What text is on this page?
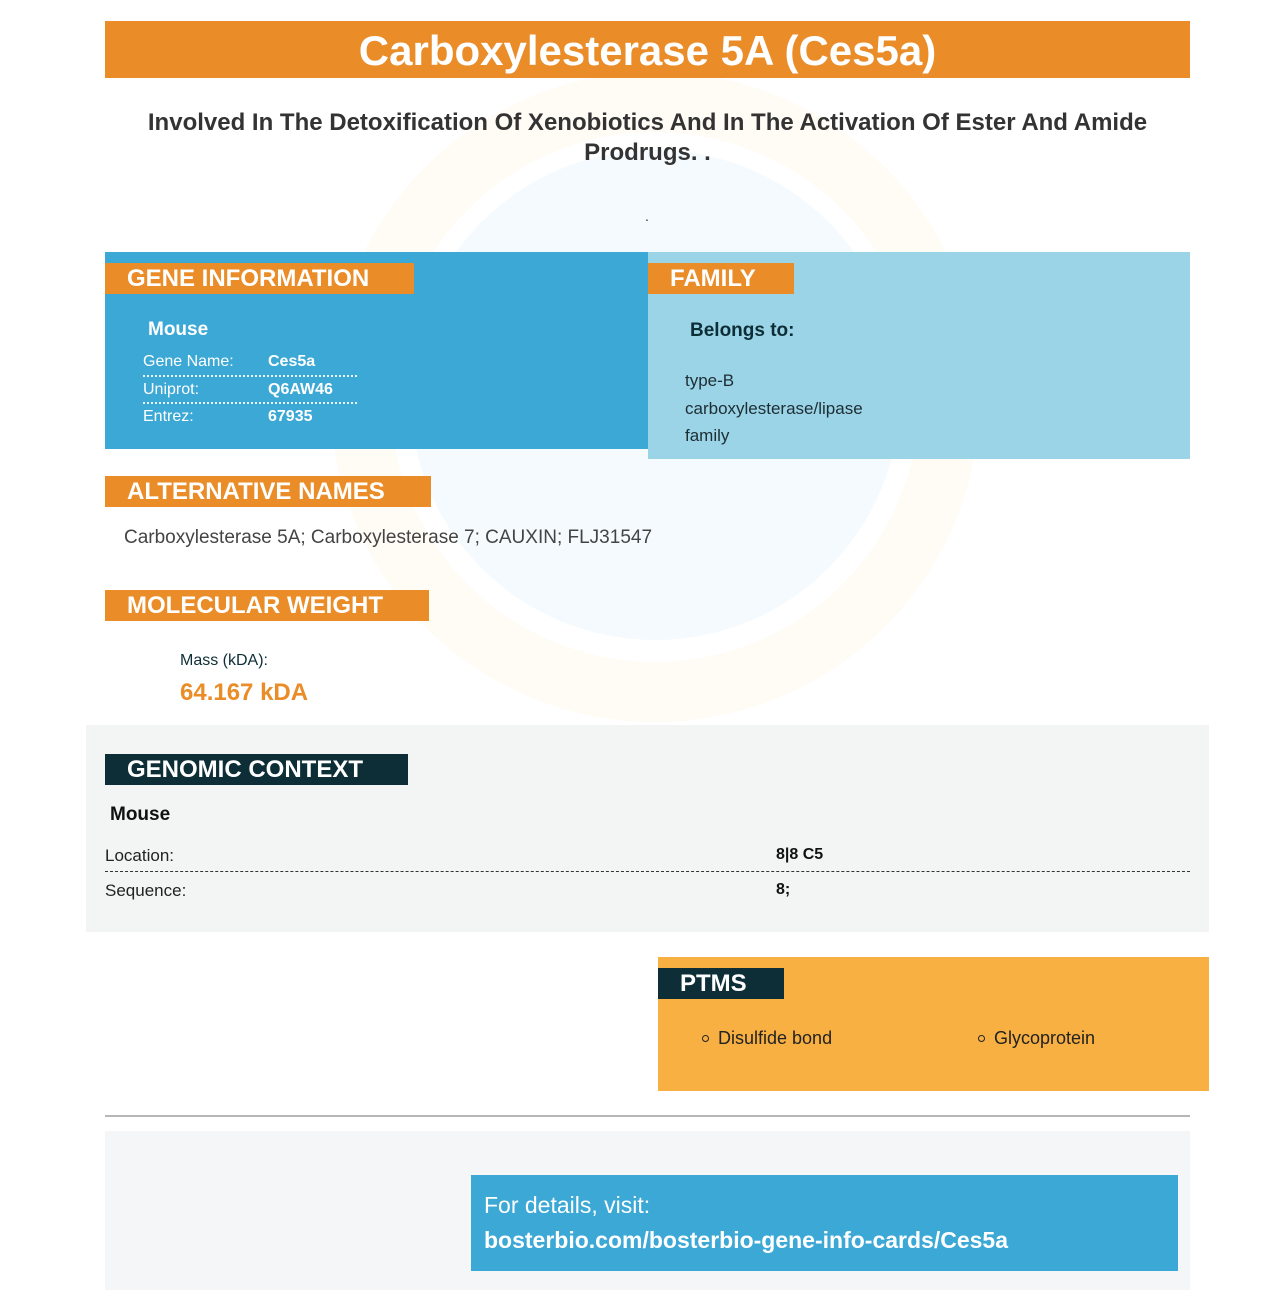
Carboxylesterase 5A (Ces5a)
Involved In The Detoxification Of Xenobiotics And In The Activation Of Ester And Amide Prodrugs. .
.
GENE INFORMATION
Mouse
Gene Name:	Ces5a
Uniprot:	Q6AW46
Entrez:	67935
FAMILY
Belongs to:
type-B carboxylesterase/lipase family
ALTERNATIVE NAMES
Carboxylesterase 5A; Carboxylesterase 7; CAUXIN; FLJ31547
MOLECULAR WEIGHT
Mass (kDA):
64.167 kDA
GENOMIC CONTEXT
Mouse
Location:	8|8 C5
Sequence:	8;
PTMS
Disulfide bond	Glycoprotein
For details, visit:
bosterbio.com/bosterbio-gene-info-cards/Ces5a
